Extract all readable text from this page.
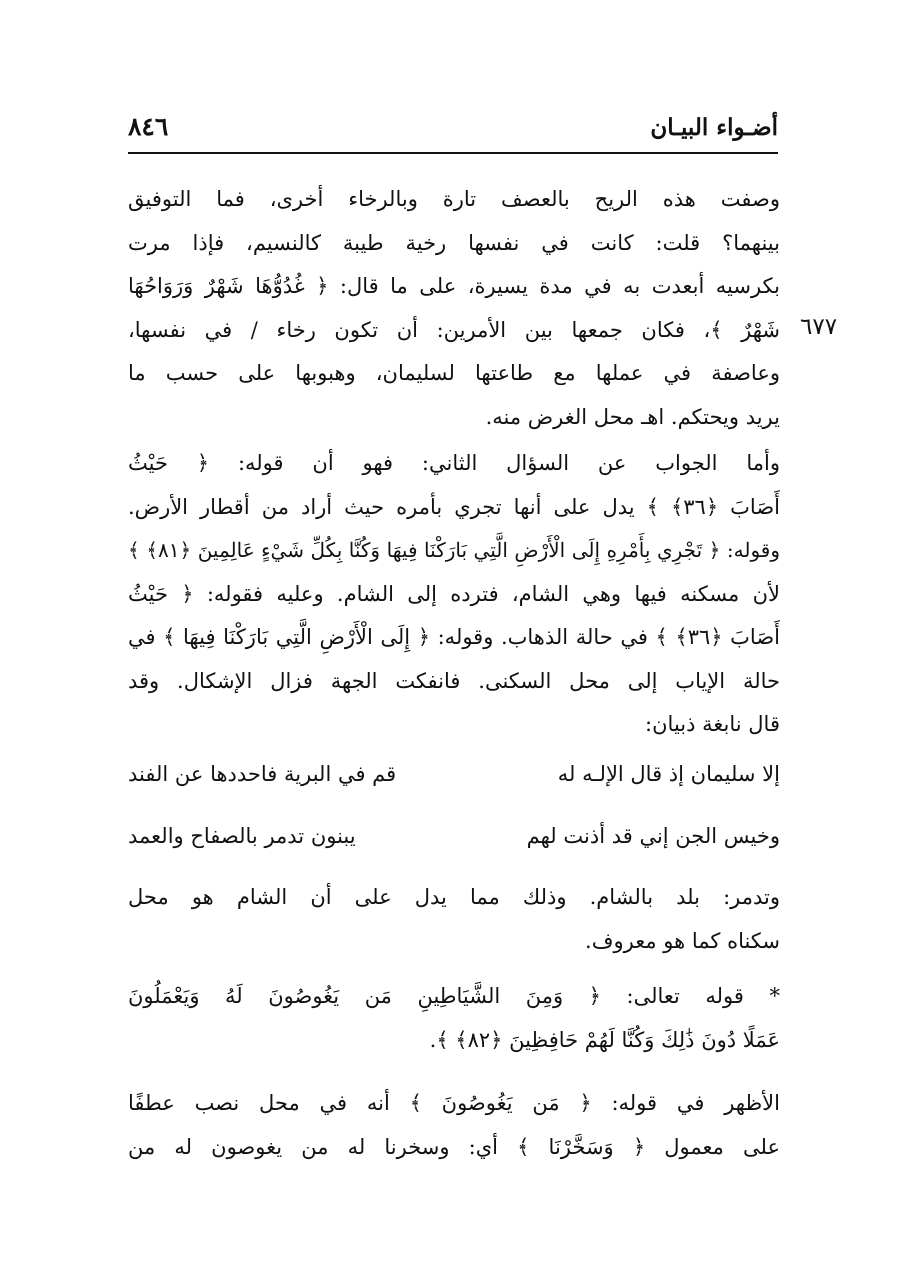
٨٤٦	أضـواء البيـان
٦٧٧
وصفت هذه الريح بالعصف تارة وبالرخاء أخرى، فما التوفيق
بينهما؟ قلت: كانت في نفسها رخية طيبة كالنسيم، فإذا مرت
بكرسيه أبعدت به في مدة يسيرة، على ما قال: ﴿ غُدُوُّهَا شَهْرٌ وَرَوَاحُهَا
شَهْرٌ ﴾، فكان جمعها بين الأمرين: أن تكون رخاء / في نفسها،
وعاصفة في عملها مع طاعتها لسليمان، وهبوبها على حسب ما
يريد ويحتكم. اهـ محل الغرض منه.
وأما الجواب عن السؤال الثاني: فهو أن قوله: ﴿ حَيْثُ
أَصَابَ ﴿٣٦﴾ ﴾ يدل على أنها تجري بأمره حيث أراد من أقطار الأرض.
وقوله: ﴿ تَجْرِي بِأَمْرِهِ إِلَى الْأَرْضِ الَّتِي بَارَكْنَا فِيهَا وَكُنَّا بِكُلِّ شَيْءٍ عَالِمِينَ ﴿٨١﴾ ﴾
لأن مسكنه فيها وهي الشام، فترده إلى الشام. وعليه فقوله: ﴿ حَيْثُ
أَصَابَ ﴿٣٦﴾ ﴾ في حالة الذهاب. وقوله: ﴿ إِلَى الْأَرْضِ الَّتِي بَارَكْنَا فِيهَا ﴾ في
حالة الإياب إلى محل السكنى. فانفكت الجهة فزال الإشكال. وقد
قال نابغة ذبيان:
إلا سليمان إذ قال الإلـه له
قم في البرية فاحددها عن الفند
وخيس الجن إني قد أذنت لهم
يبنون تدمر بالصفاح والعمد
وتدمر: بلد بالشام. وذلك مما يدل على أن الشام هو محل
سكناه كما هو معروف.
* قوله تعالى: ﴿ وَمِنَ الشَّيَاطِينِ مَن يَغُوصُونَ لَهُ وَيَعْمَلُونَ
عَمَلًا دُونَ ذَٰلِكَ وَكُنَّا لَهُمْ حَافِظِينَ ﴿٨٢﴾ ﴾.
الأظهر في قوله: ﴿ مَن يَغُوصُونَ ﴾ أنه في محل نصب عطفًا
على معمول ﴿ وَسَخَّرْنَا ﴾ أي: وسخرنا له من يغوصون له من
